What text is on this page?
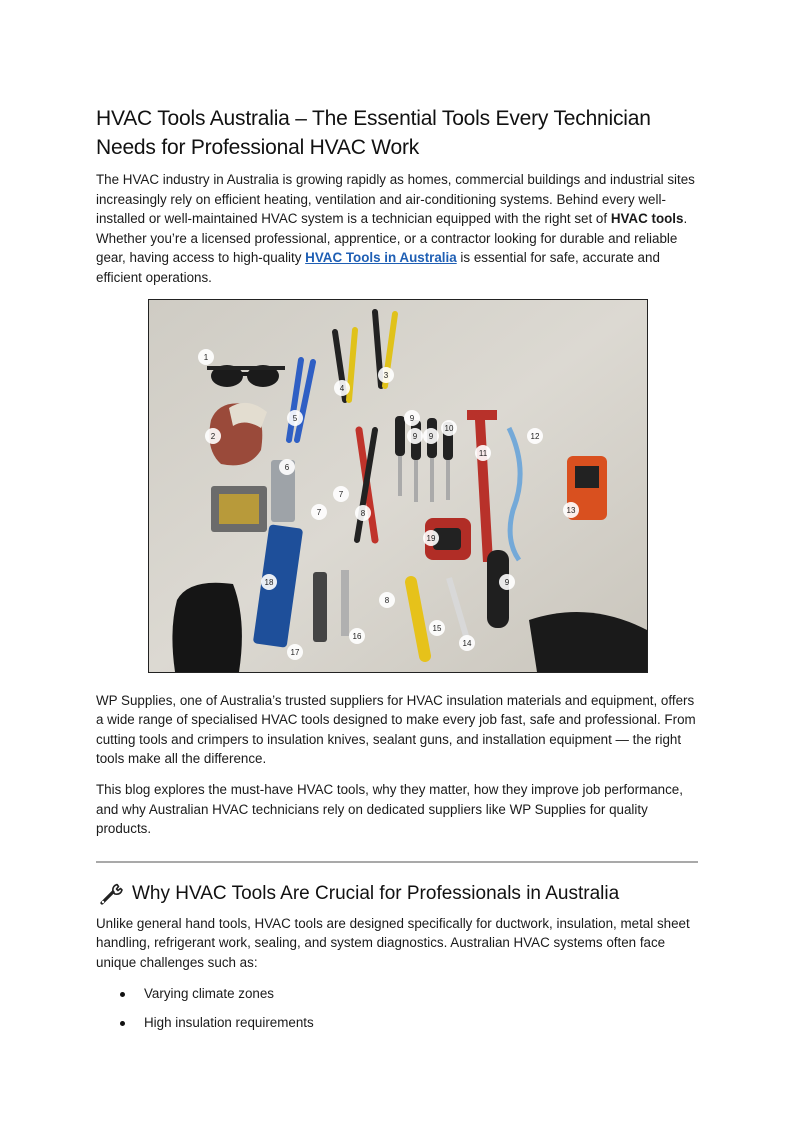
HVAC Tools Australia – The Essential Tools Every Technician Needs for Professional HVAC Work

The HVAC industry in Australia is growing rapidly as homes, commercial buildings and industrial sites increasingly rely on efficient heating, ventilation and air-conditioning systems. Behind every well-installed or well-maintained HVAC system is a technician equipped with the right set of HVAC tools. Whether you’re a licensed professional, apprentice, or a contractor looking for durable and reliable gear, having access to high-quality HVAC Tools in Australia is essential for safe, accurate and efficient operations.

1
2
3
4
5
6
7
7
8
8
9
9 9
10
11
12
13
14
15
16
17
18
19
9

WP Supplies, one of Australia’s trusted suppliers for HVAC insulation materials and equipment, offers a wide range of specialised HVAC tools designed to make every job fast, safe and professional. From cutting tools and crimpers to insulation knives, sealant guns, and installation equipment — the right tools make all the difference.

This blog explores the must-have HVAC tools, why they matter, how they improve job performance, and why Australian HVAC technicians rely on dedicated suppliers like WP Supplies for quality products.

Why HVAC Tools Are Crucial for Professionals in Australia

Unlike general hand tools, HVAC tools are designed specifically for ductwork, insulation, metal sheet handling, refrigerant work, sealing, and system diagnostics. Australian HVAC systems often face unique challenges such as:

Varying climate zones
High insulation requirements
